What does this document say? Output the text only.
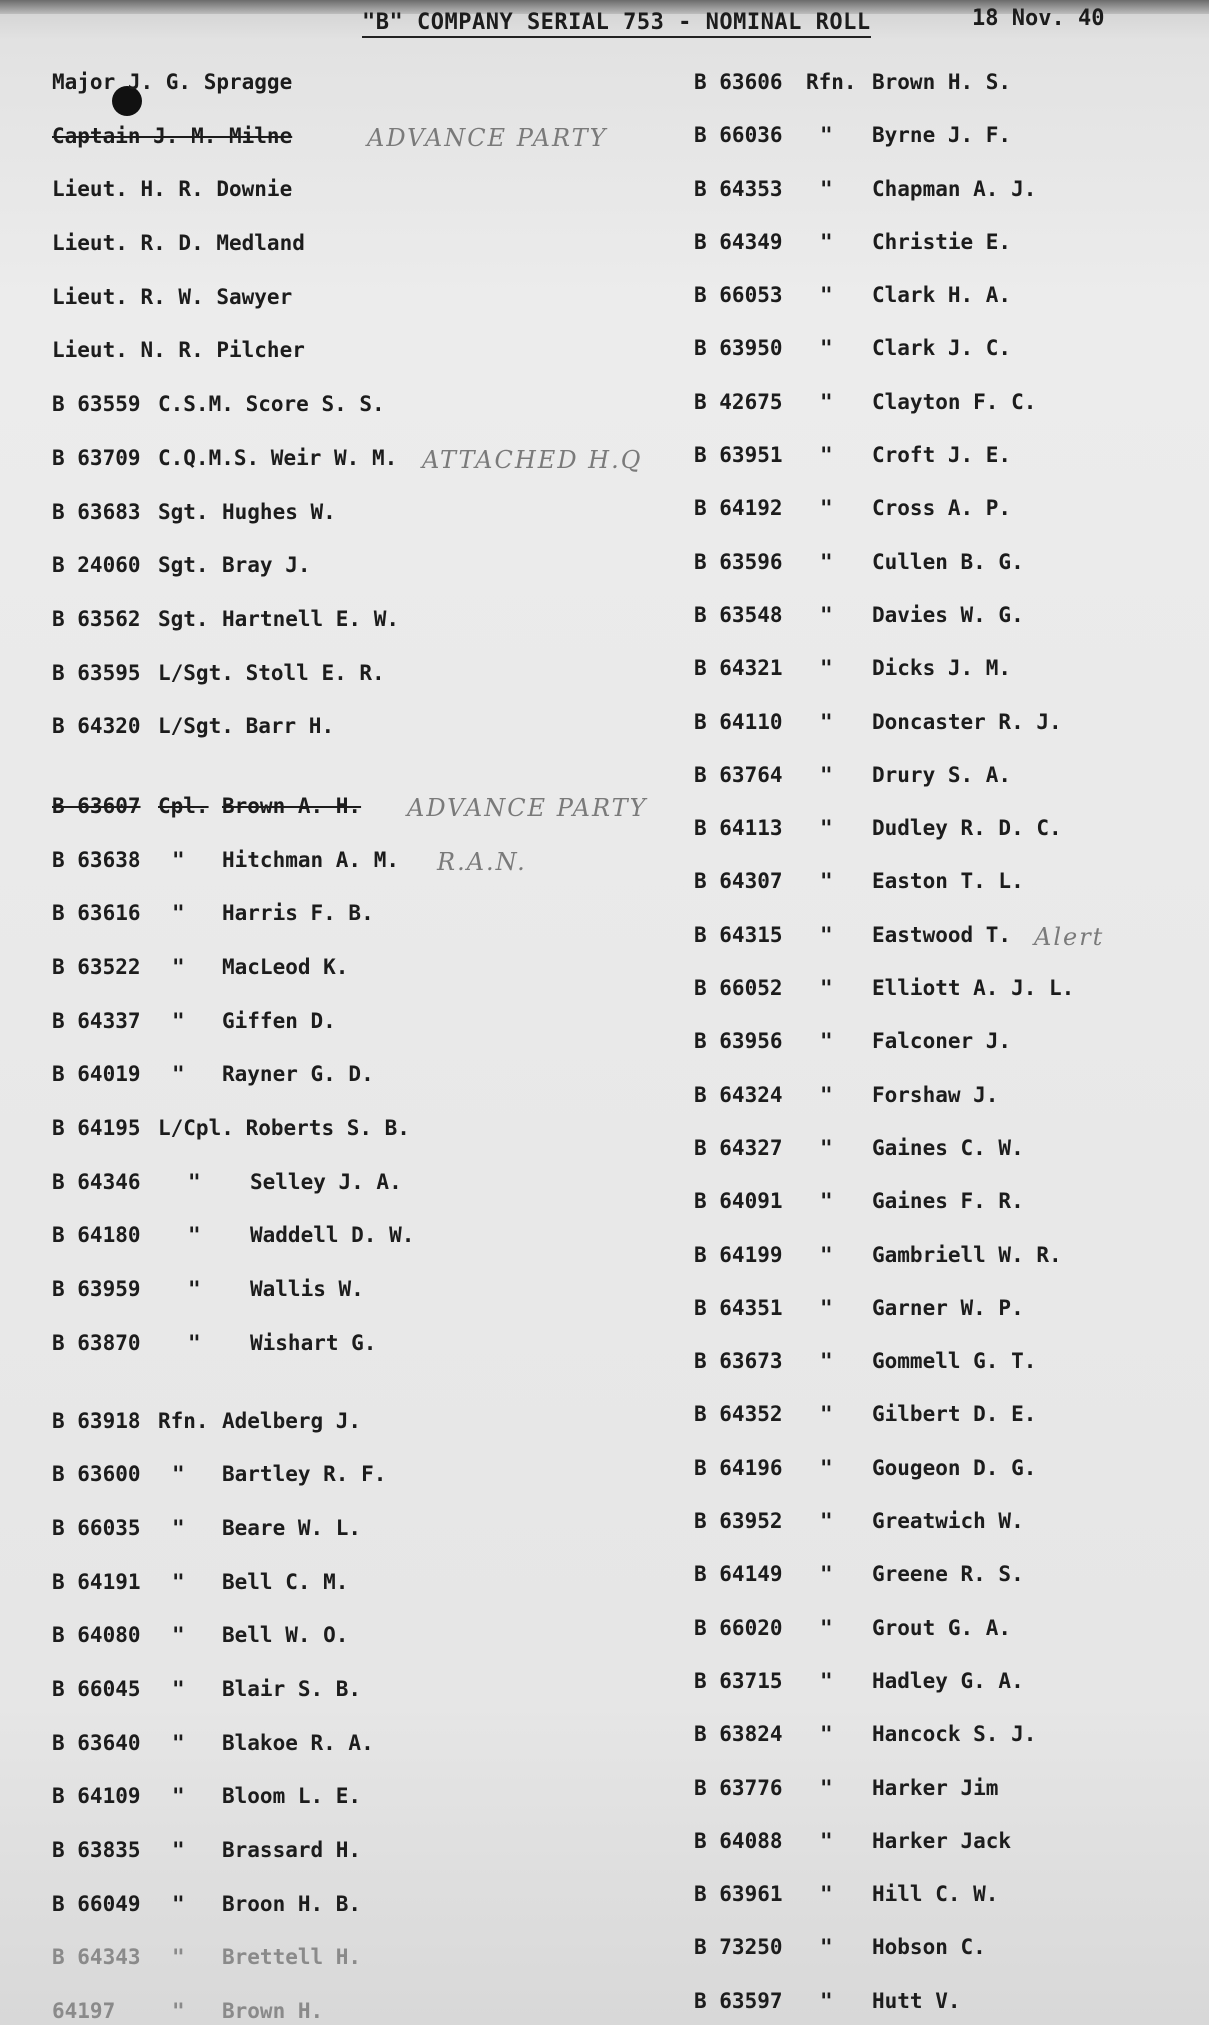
"B" COMPANY SERIAL 753 - NOMINAL ROLL	18 Nov. 40
Major J. G. Spragge
Captain J. M. Milne	ADVANCE PARTY
Lieut. H. R. Downie
Lieut. R. D. Medland
Lieut. R. W. Sawyer
Lieut. N. R. Pilcher
B 63559 C.S.M. Score S. S.
B 63709 C.Q.M.S. Weir W. M. ATTACHED H.Q
B 63683 Sgt. Hughes W.
B 24060 Sgt. Bray J.
B 63562 Sgt. Hartnell E. W.
B 63595 L/Sgt. Stoll E. R.
B 64320 L/Sgt. Barr H.
B 63607 Cpl. Brown A. H. ADVANCE PARTY
B 63638 " Hitchman A. M. R.A.N.
B 63616 " Harris F. B.
B 63522 " MacLeod K.
B 64337 " Giffen D.
B 64019 " Rayner G. D.
B 64195 L/Cpl. Roberts S. B.
B 64346 " Selley J. A.
B 64180 " Waddell D. W.
B 63959 " Wallis W.
B 63870 " Wishart G.
B 63918 Rfn. Adelberg J.
B 63600 " Bartley R. F.
B 66035 " Beare W. L.
B 64191 " Bell C. M.
B 64080 " Bell W. O.
B 66045 " Blair S. B.
B 63640 " Blakoe R. A.
B 64109 " Bloom L. E.
B 63835 " Brassard H.
B 66049 " Broon H. B.
B 64343 " Brettell H.
64197	" Brown H.
B 63606 Rfn. Brown H. S.
B 66036 " Byrne J. F.
B 64353 " Chapman A. J.
B 64349 " Christie E.
B 66053 " Clark H. A.
B 63950 " Clark J. C.
B 42675 " Clayton F. C.
B 63951 " Croft J. E.
B 64192 " Cross A. P.
B 63596 " Cullen B. G.
B 63548 " Davies W. G.
B 64321 " Dicks J. M.
B 64110 " Doncaster R. J.
B 63764 " Drury S. A.
B 64113 " Dudley R. D. C.
B 64307 " Easton T. L.
B 64315 " Eastwood T. Alert
B 66052 " Elliott A. J. L.
B 63956 " Falconer J.
B 64324 " Forshaw J.
B 64327 " Gaines C. W.
B 64091 " Gaines F. R.
B 64199 " Gambriell W. R.
B 64351 " Garner W. P.
B 63673 " Gommell G. T.
B 64352 " Gilbert D. E.
B 64196 " Gougeon D. G.
B 63952 " Greatwich W.
B 64149 " Greene R. S.
B 66020 " Grout G. A.
B 63715 " Hadley G. A.
B 63824 " Hancock S. J.
B 63776 " Harker Jim
B 64088 " Harker Jack
B 63961 " Hill C. W.
B 73250 " Hobson C.
B 63597 " Hutt V.
